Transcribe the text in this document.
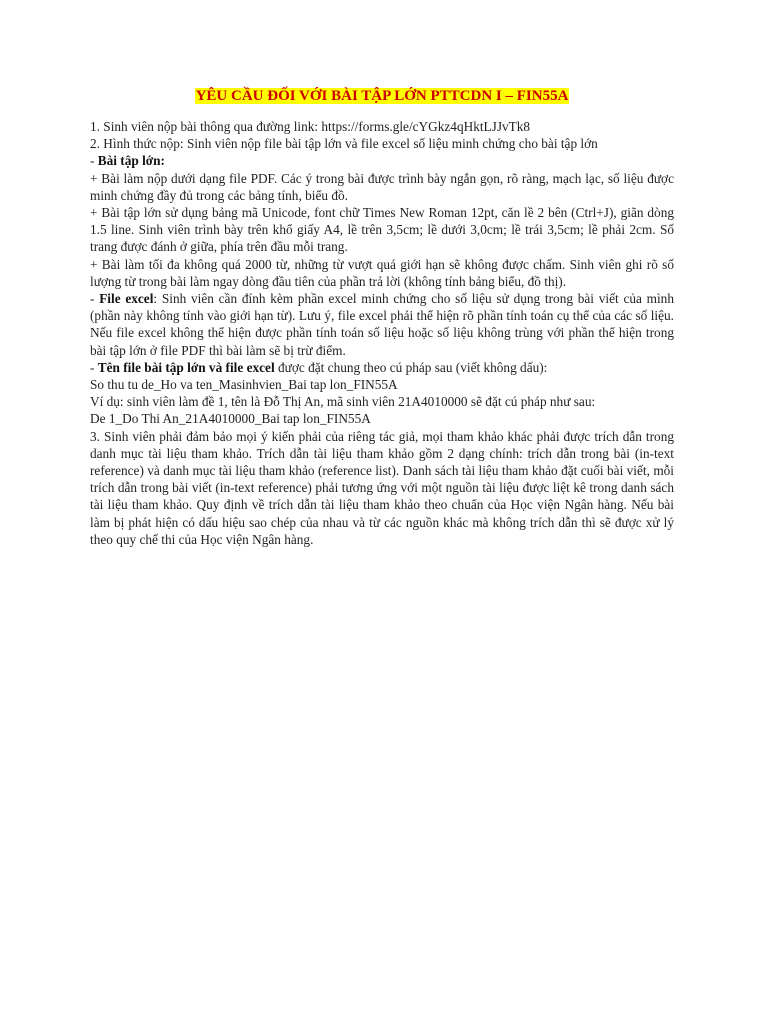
YÊU CẦU ĐỐI VỚI BÀI TẬP LỚN PTTCDN I – FIN55A

1. Sinh viên nộp bài thông qua đường link: https://forms.gle/cYGkz4qHktLJJvTk8

2. Hình thức nộp: Sinh viên nộp file bài tập lớn và file excel số liệu minh chứng cho bài tập lớn

- Bài tập lớn:

+ Bài làm nộp dưới dạng file PDF. Các ý trong bài được trình bày ngắn gọn, rõ ràng, mạch lạc, số liệu được minh chứng đầy đủ trong các bảng tính, biểu đồ.

+ Bài tập lớn sử dụng bảng mã Unicode, font chữ Times New Roman 12pt, căn lề 2 bên (Ctrl+J), giãn dòng 1.5 line. Sinh viên trình bày trên khổ giấy A4, lề trên 3,5cm; lề dưới 3,0cm; lề trái 3,5cm; lề phải 2cm. Số trang được đánh ở giữa, phía trên đầu mỗi trang.

+ Bài làm tối đa không quá 2000 từ, những từ vượt quá giới hạn sẽ không được chấm. Sinh viên ghi rõ số lượng từ trong bài làm ngay dòng đầu tiên của phần trả lời (không tính bảng biểu, đồ thị).

- File excel: Sinh viên cần đính kèm phần excel minh chứng cho số liệu sử dụng trong bài viết của mình (phần này không tính vào giới hạn từ). Lưu ý, file excel phải thể hiện rõ phần tính toán cụ thể của các số liệu. Nếu file excel không thể hiện được phần tính toán số liệu hoặc số liệu không trùng với phần thể hiện trong bài tập lớn ở file PDF thì bài làm sẽ bị trừ điểm.

- Tên file bài tập lớn và file excel được đặt chung theo cú pháp sau (viết không dấu):

So thu tu de_Ho va ten_Masinhvien_Bai tap lon_FIN55A

Ví dụ: sinh viên làm đề 1, tên là Đỗ Thị An, mã sinh viên 21A4010000 sẽ đặt cú pháp như sau:

De 1_Do Thi An_21A4010000_Bai tap lon_FIN55A

3. Sinh viên phải đảm bảo mọi ý kiến phải của riêng tác giả, mọi tham khảo khác phải được trích dẫn trong danh mục tài liệu tham khảo. Trích dẫn tài liệu tham khảo gồm 2 dạng chính: trích dẫn trong bài (in-text reference) và danh mục tài liệu tham khảo (reference list). Danh sách tài liệu tham khảo đặt cuối bài viết, mỗi trích dẫn trong bài viết (in-text reference) phải tương ứng với một nguồn tài liệu được liệt kê trong danh sách tài liệu tham khảo. Quy định về trích dẫn tài liệu tham khảo theo chuẩn của Học viện Ngân hàng. Nếu bài làm bị phát hiện có dấu hiệu sao chép của nhau và từ các nguồn khác mà không trích dẫn thì sẽ được xử lý theo quy chế thi của Học viện Ngân hàng.
